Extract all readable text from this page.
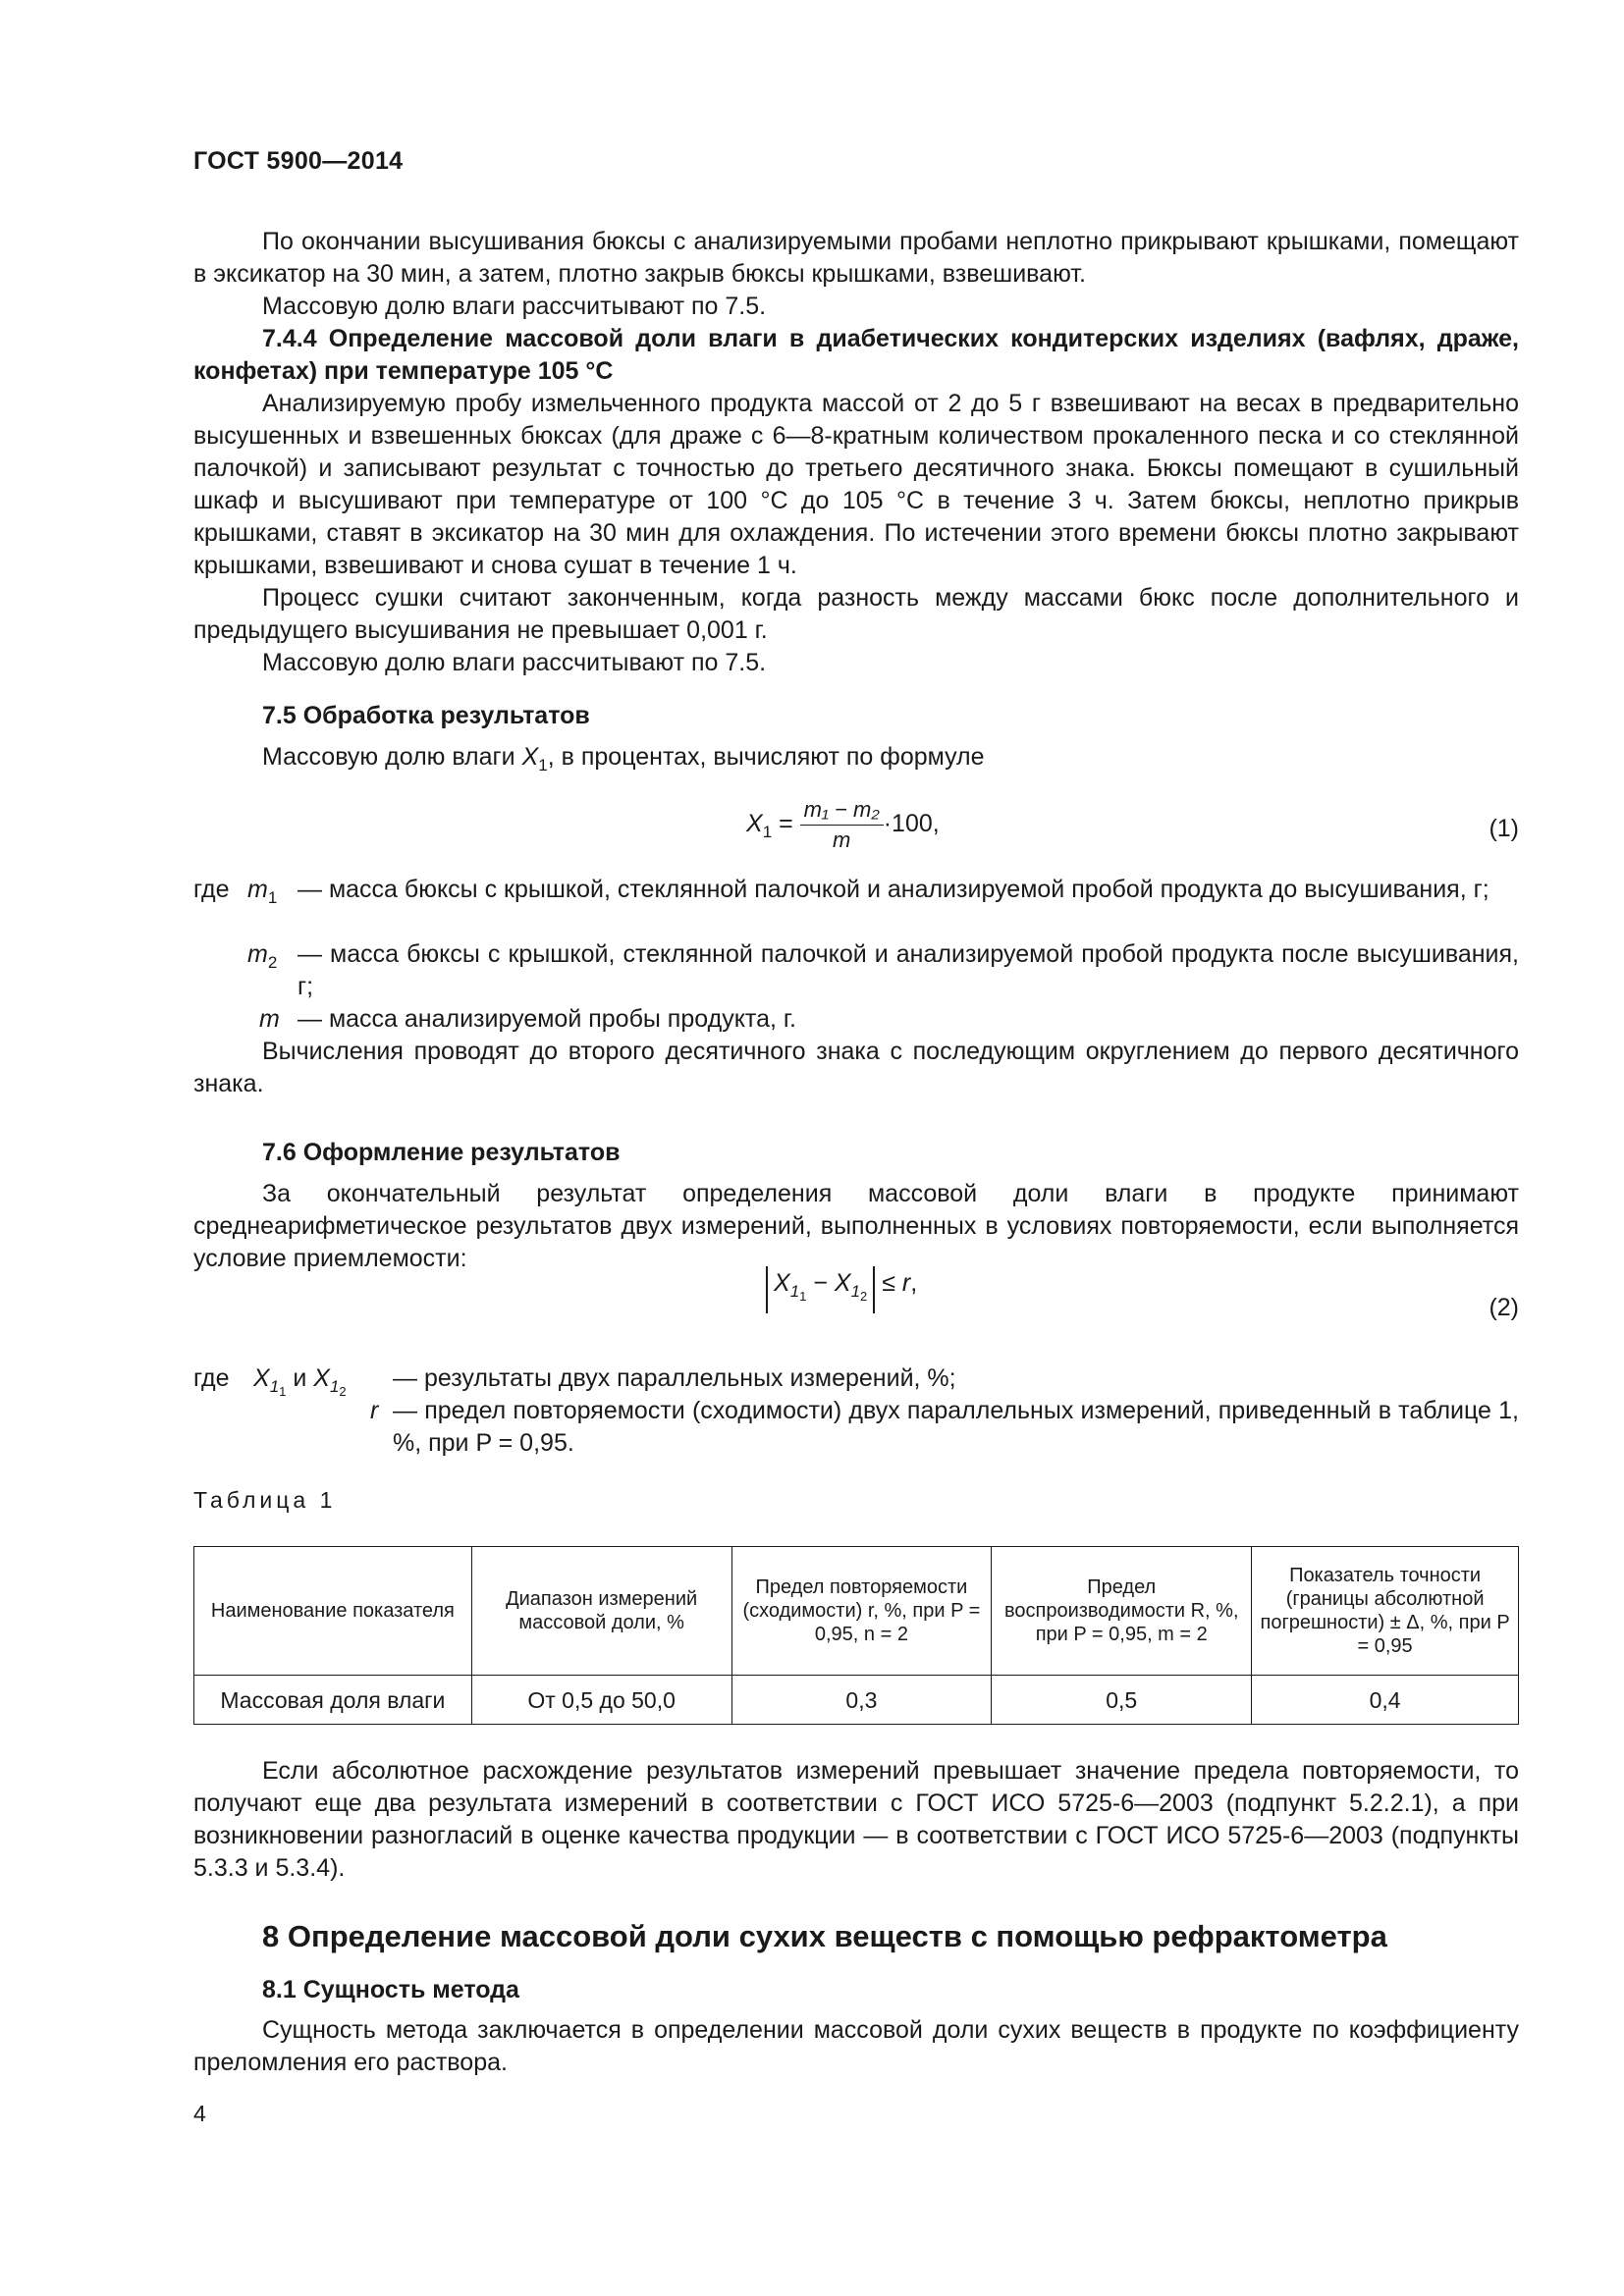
ГОСТ 5900—2014
По окончании высушивания бюксы с анализируемыми пробами неплотно прикрывают крышками, помещают в эксикатор на 30 мин, а затем, плотно закрыв бюксы крышками, взвешивают.
Массовую долю влаги рассчитывают по 7.5.
7.4.4 Определение массовой доли влаги в диабетических кондитерских изделиях (вафлях, драже, конфетах) при температуре 105 °С
Анализируемую пробу измельченного продукта массой от 2 до 5 г взвешивают на весах в предварительно высушенных и взвешенных бюксах (для драже с 6—8-кратным количеством прокаленного песка и со стеклянной палочкой) и записывают результат с точностью до третьего десятичного знака. Бюксы помещают в сушильный шкаф и высушивают при температуре от 100 °С до 105 °С в течение 3 ч. Затем бюксы, неплотно прикрыв крышками, ставят в эксикатор на 30 мин для охлаждения. По истечении этого времени бюксы плотно закрывают крышками, взвешивают и снова сушат в течение 1 ч.
Процесс сушки считают законченным, когда разность между массами бюкс после дополнительного и предыдущего высушивания не превышает 0,001 г.
Массовую долю влаги рассчитывают по 7.5.
7.5 Обработка результатов
Массовую долю влаги $X_1$, в процентах, вычисляют по формуле
$X_1 = \frac{\text{m₁ − m₂}}{m} \cdot 100$,	(1)
где $m_1$ — масса бюксы с крышкой, стеклянной палочкой и анализируемой пробой продукта до высушивания, г;
$m_2$ — масса бюксы с крышкой, стеклянной палочкой и анализируемой пробой продукта после высушивания, г;
m — масса анализируемой пробы продукта, г.
Вычисления проводят до второго десятичного знака с последующим округлением до первого десятичного знака.
7.6 Оформление результатов
За окончательный результат определения массовой доли влаги в продукте принимают среднеарифметическое результатов двух измерений, выполненных в условиях повторяемости, если выполняется условие приемлемости:
$X_{11} - X_{12} \le r$,
(2)
где $X_{11}$ и $X_{12}$ — результаты двух параллельных измерений, %;
r — предел повторяемости (сходимости) двух параллельных измерений, приведенный в таблице 1, %, при P = 0,95.
Таблица 1
Наименование показателя	Диапазон измерений массовой доли, %	Предел повторяемости (сходимости) r, %, при P = 0,95, n = 2	Предел воспроизводимости R, %, при P = 0,95, m = 2	Показатель точности (границы абсолютной погрешности) ± Δ, %, при P = 0,95
Массовая доля влаги	От 0,5 до 50,0	0,3	0,5	0,4
Если абсолютное расхождение результатов измерений превышает значение предела повторяемости, то получают еще два результата измерений в соответствии с ГОСТ ИСО 5725-6—2003 (подпункт 5.2.2.1), а при возникновении разногласий в оценке качества продукции — в соответствии с ГОСТ ИСО 5725-6—2003 (подпункты 5.3.3 и 5.3.4).
8 Определение массовой доли сухих веществ с помощью рефрактометра
8.1 Сущность метода
Сущность метода заключается в определении массовой доли сухих веществ в продукте по коэффициенту преломления его раствора.
4
